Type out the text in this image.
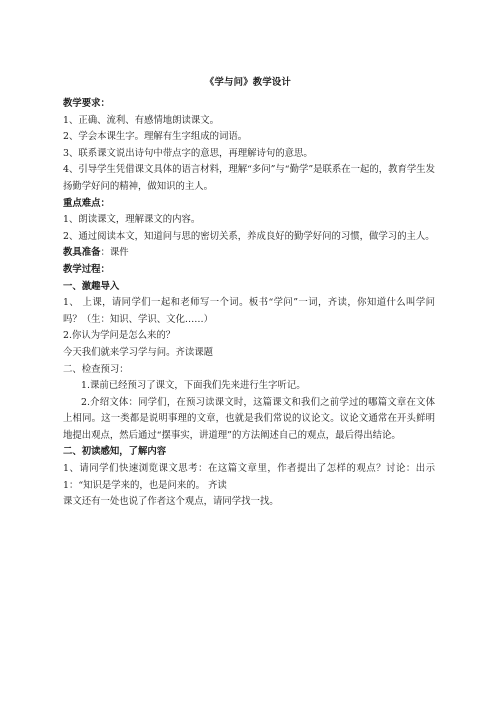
《学与问》教学设计

教学要求：

1、正确、流利、有感情地朗读课文。

2、学会本课生字。理解有生字组成的词语。

3、联系课文说出诗句中带点字的意思，再理解诗句的意思。

4、引导学生凭借课文具体的语言材料，理解“多问”与“勤学”是联系在一起的，教育学生发扬勤学好问的精神，做知识的主人。

重点难点：

1、朗读课文，理解课文的内容。

2、通过阅读本文，知道问与思的密切关系，养成良好的勤学好问的习惯，做学习的主人。

教具准备：课件

教学过程：

一、激趣导入

1、 上课，请同学们一起和老师写一个词。板书“学问”一词，齐读，你知道什么叫学问吗？（生：知识、学识、文化……）

2.你认为学问是怎么来的？

今天我们就来学习学与问。齐读课题

二、检查预习：

1.课前已经预习了课文，下面我们先来进行生字听记。

2.介绍文体：同学们，在预习读课文时，这篇课文和我们之前学过的哪篇文章在文体上相同。这一类都是说明事理的文章，也就是我们常说的议论文。议论文通常在开头鲜明地提出观点，然后通过“摆事实，讲道理”的方法阐述自己的观点，最后得出结论。

二、初读感知，了解内容

1、请同学们快速浏览课文思考：在这篇文章里，作者提出了怎样的观点？讨论：出示1：“知识是学来的，也是问来的。 齐读

课文还有一处也说了作者这个观点，请同学找一找。
